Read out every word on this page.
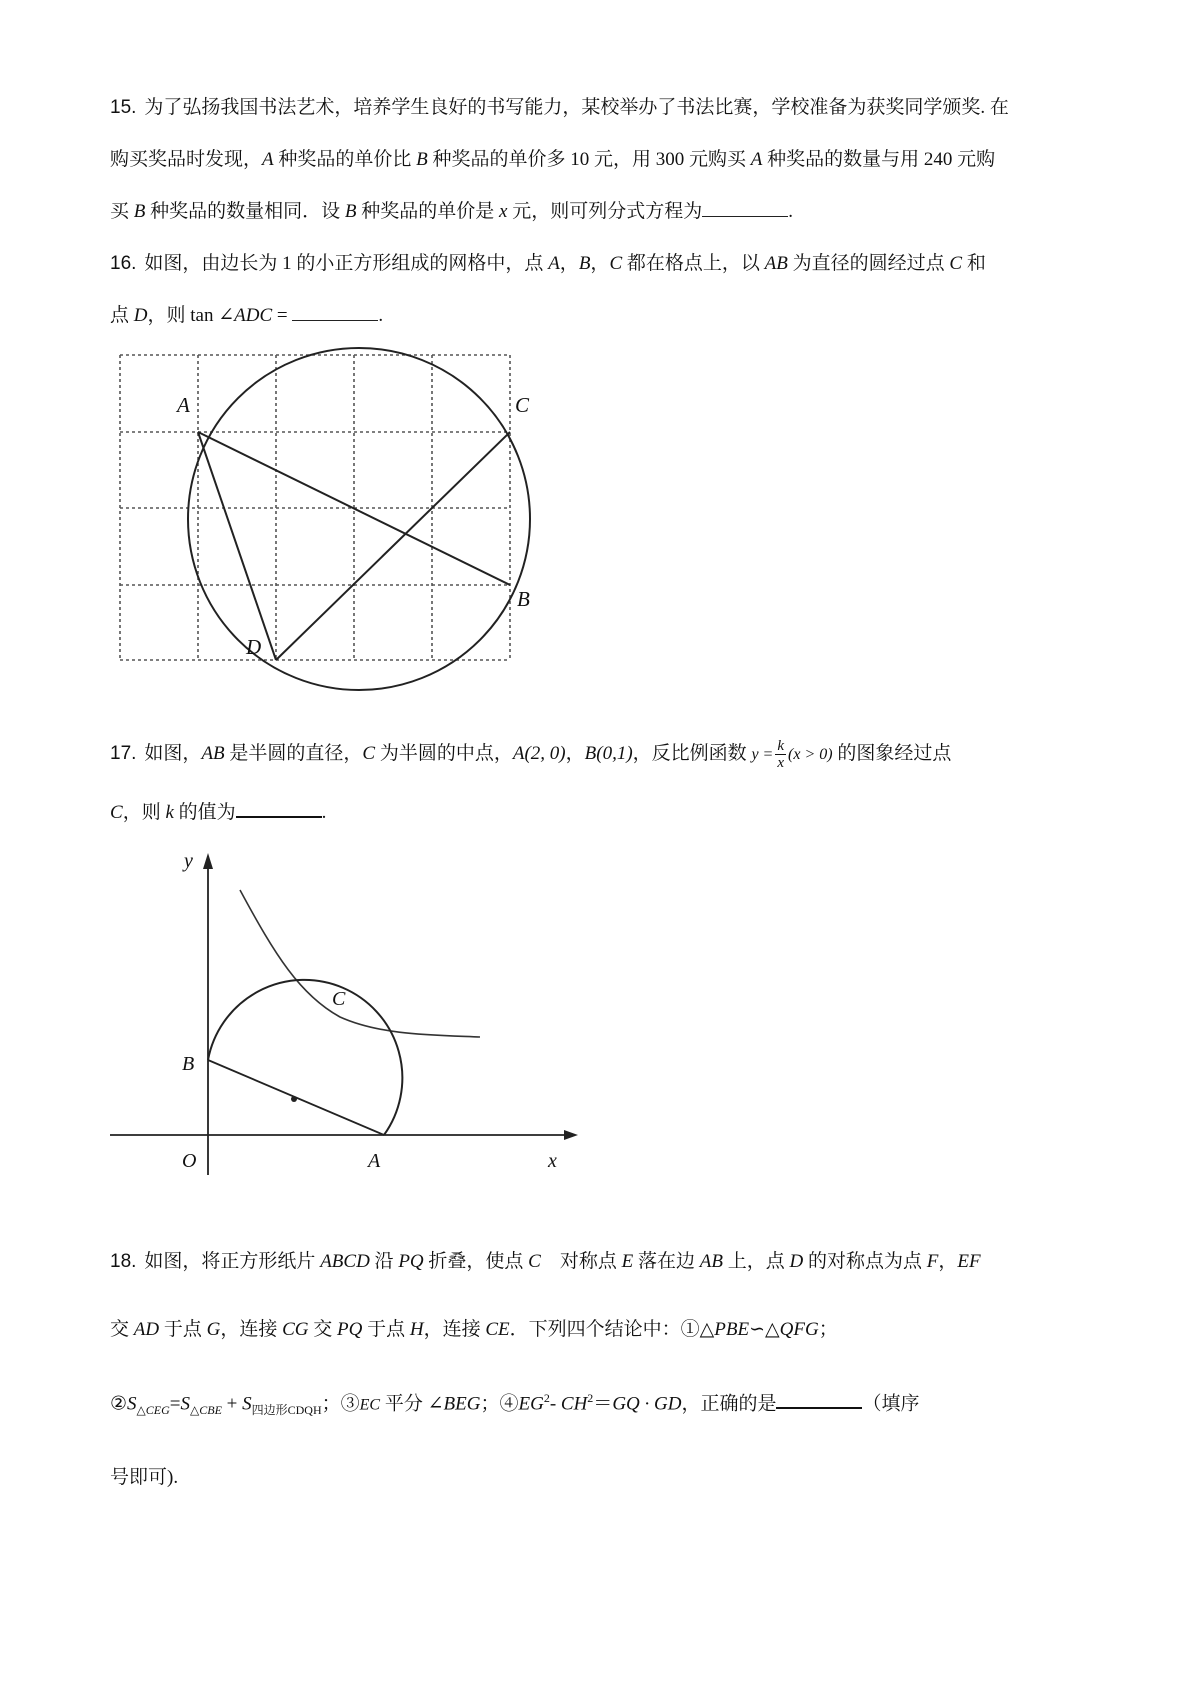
15. 为了弘扬我国书法艺术，培养学生良好的书写能力，某校举办了书法比赛，学校准备为获奖同学颁奖. 在
购买奖品时发现，A 种奖品的单价比 B 种奖品的单价多 10 元，用 300 元购买 A 种奖品的数量与用 240 元购
买 B 种奖品的数量相同．设 B 种奖品的单价是 x 元，则可列分式方程为	.
16. 如图，由边长为 1 的小正方形组成的网格中，点 A，B，C 都在格点上，以 AB 为直径的圆经过点 C 和
点 D，则 tan ∠ADC =	.
A	C
B
D
17. 如图，AB 是半圆的直径，C 为半圆的中点，A(2, 0)，B(0,1)，反比例函数 $y = \frac{k}{x} (x > 0)$ 的图象经过点
C，则 k 的值为	.
y
x
O	A
B
C
18. 如图，将正方形纸片 ABCD 沿 PQ 折叠，使点 C　对称点 E 落在边 AB 上，点 D 的对称点为点 F，EF
交 AD 于点 G，连接 CG 交 PQ 于点 H，连接 CE．下列四个结论中：①△PBE∽△QFG；
$②S_{\triangle CEG}=S_{\triangle CBE} + S_{四边形CDQH}$；③EC 平分 ∠BEG；$④EG^2-$ $CH^2=GQ$ · GD，正确的是	（填序
号即可).
